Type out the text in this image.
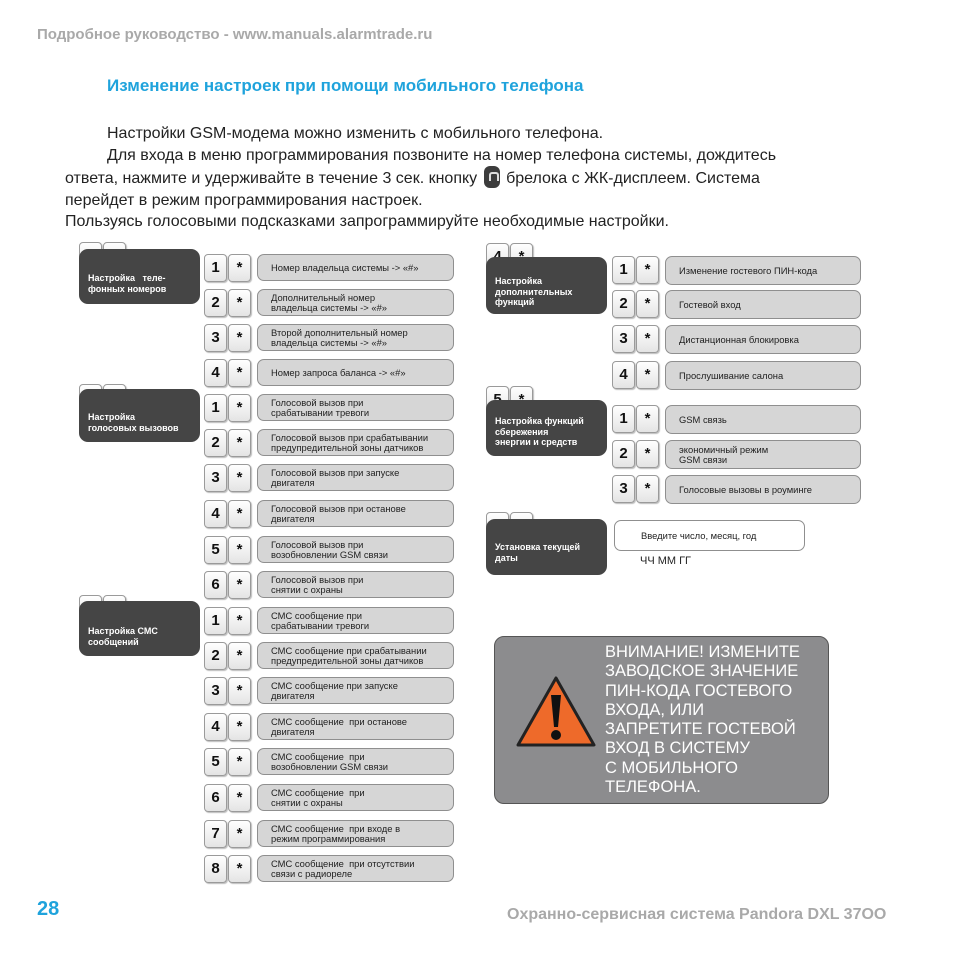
Подробное руководство - www.manuals.alarmtrade.ru
Изменение настроек при помощи мобильного телефона

Настройки GSM-модема можно изменить с мобильного телефона.

Для входа в меню программирования позвоните на номер телефона системы, дождитесь

ответа, нажмите и удерживайте в течение 3 сек. кнопку брелока с ЖК-дисплеем. Система

перейдет в режим программирования настроек.

Пользуясь голосовыми подсказками запрограммируйте необходимые настройки.

Настройка   теле-
фонных номеров
Настройка
голосовых вызовов
Настройка СМС
сообщений
Настройка
дополнительных
функций
Настройка функций
сбережения
энергии и средств
Установка текущей
даты
1	*	Номер владельца системы -> «#»
2	*	Дополнительный номер
владельца системы -> «#»
3	*	Второй дополнительный номер
владельца системы -> «#»
4	*	Номер запроса баланса -> «#»
1	*	Голосовой вызов при
срабатывании тревоги
2	*	Голосовой вызов при срабатывании
предупредительной зоны датчиков
3	*	Голосовой вызов при запуске
двигателя
4	*	Голосовой вызов при останове
двигателя
5	*	Голосовой вызов при
возобновлении GSM связи
6	*	Голосовой вызов при
снятии с охраны
1	*	СМС сообщение при
срабатывании тревоги
2	*	СМС сообщение при срабатывании
предупредительной зоны датчиков
3	*	СМС сообщение при запуске
двигателя
4	*	СМС сообщение  при останове
двигателя
5	*	СМС сообщение  при
возобновлении GSM связи
6	*	СМС сообщение  при
снятии с охраны
7	*	СМС сообщение  при входе в
режим программирования
8	*	СМС сообщение  при отсутствии
связи с радиореле
1	*	Изменение гостевого ПИН-кода
2	*	Гостевой вход
3	*	Дистанционная блокировка
4	*	Прослушивание салона
1	*	GSM связь
2	*	экономичный режим
GSM связи
3	*	Голосовые вызовы в роуминге
Введите число, месяц, год
ЧЧ ММ ГГ
ВНИМАНИЕ! ИЗМЕНИТЕ
ЗАВОДСКОЕ ЗНАЧЕНИЕ
ПИН-КОДА ГОСТЕВОГО
ВХОДА, ИЛИ
ЗАПРЕТИТЕ ГОСТЕВОЙ
ВХОД В СИСТЕМУ
С МОБИЛЬНОГО
ТЕЛЕФОНА.
28	Охранно-сервисная система Pandora DXL 37OO
